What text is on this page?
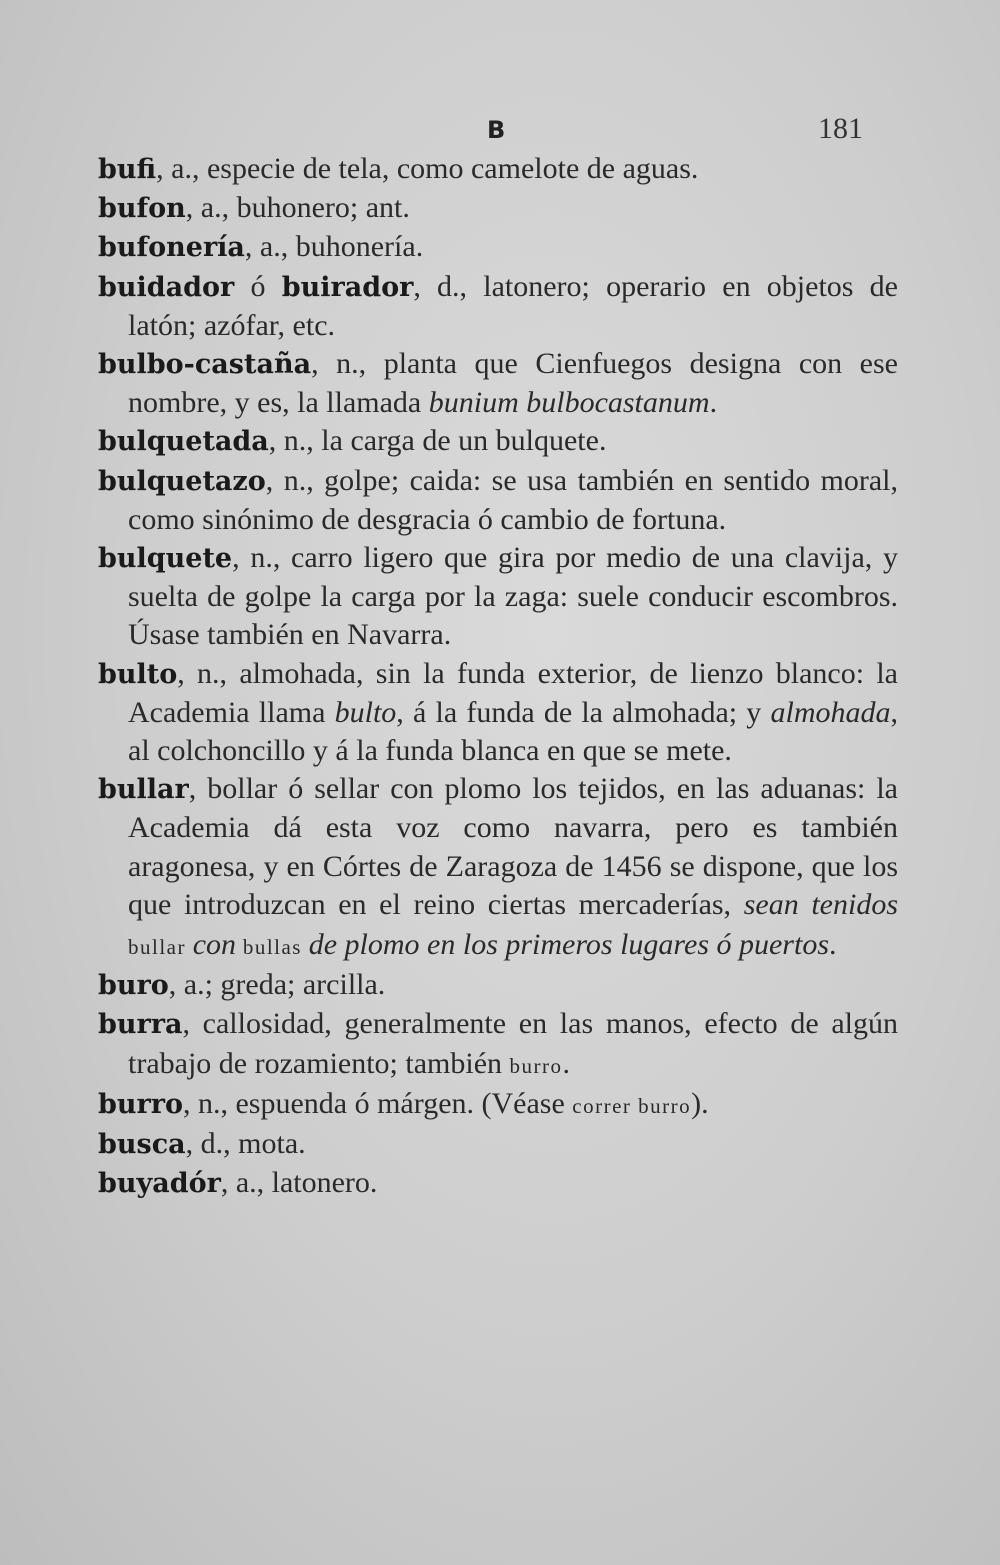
B	181

bufi, a., especie de tela, como camelote de aguas.

bufon, a., buhonero; ant.

bufonería, a., buhonería.

buidador ó buirador, d., latonero; operario en objetos de latón; azófar, etc.

bulbo-castaña, n., planta que Cienfuegos designa con ese nombre, y es, la llamada bunium bulbocastanum.

bulquetada, n., la carga de un bulquete.

bulquetazo, n., golpe; caida: se usa también en sentido moral, como sinónimo de desgracia ó cambio de fortuna.

bulquete, n., carro ligero que gira por medio de una clavija, y suelta de golpe la carga por la zaga: suele conducir escombros. Úsase también en Navarra.

bulto, n., almohada, sin la funda exterior, de lienzo blanco: la Academia llama bulto, á la funda de la almohada; y almohada, al colchoncillo y á la funda blanca en que se mete.

bullar, bollar ó sellar con plomo los tejidos, en las aduanas: la Academia dá esta voz como navarra, pero es también aragonesa, y en Córtes de Zaragoza de 1456 se dispone, que los que introduzcan en el reino ciertas mercaderías, sean tenidos bullar con bullas de plomo en los primeros lugares ó puertos.

buro, a.; greda; arcilla.

burra, callosidad, generalmente en las manos, efecto de algún trabajo de rozamiento; también burro.

burro, n., espuenda ó márgen. (Véase correr burro).

busca, d., mota.

buyadór, a., latonero.
